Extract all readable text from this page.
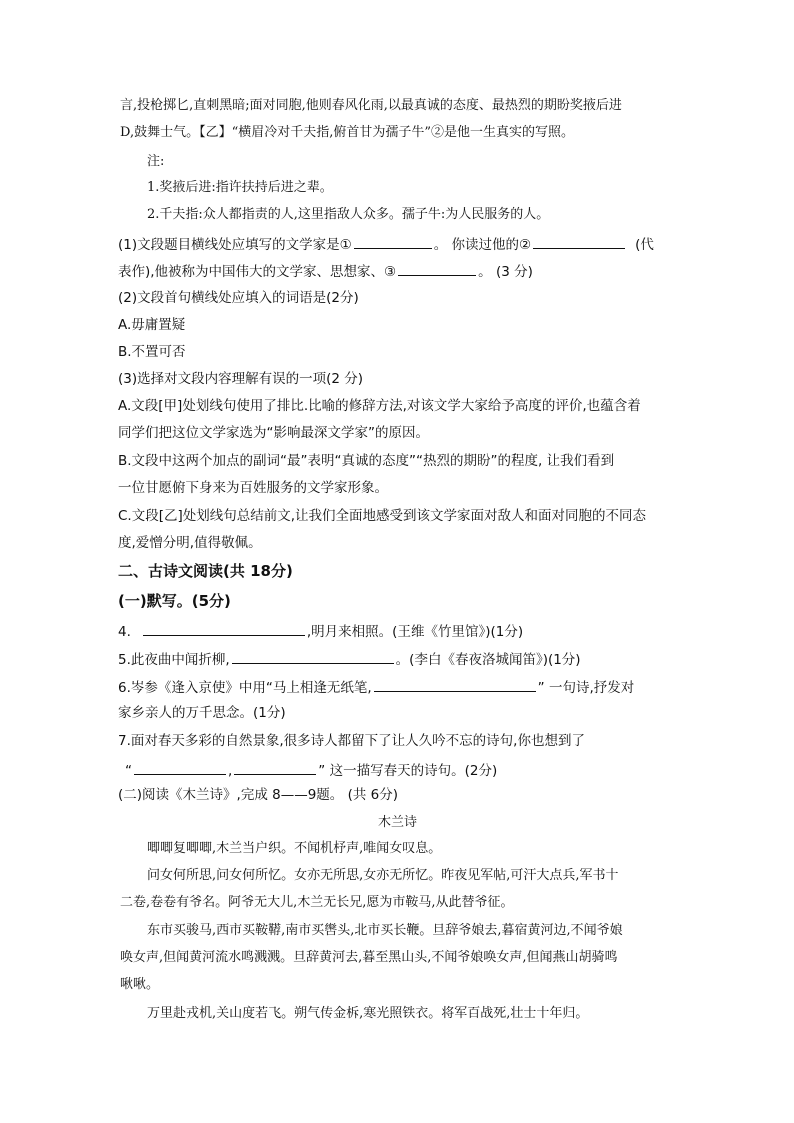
言,投枪掷匕,直刺黑暗;面对同胞,他则春风化雨,以最真诚的态度、最热烈的期盼奖掖后进
D,鼓舞士气。【乙】“横眉冷对千夫指,俯首甘为孺子牛”②是他一生真实的写照。
注:
1.奖掖后进:指许扶持后进之辈。
2.千夫指:众人都指责的人,这里指敌人众多。孺子牛:为人民服务的人。
(1)文段题目横线处应填写的文学家是①	。 你读过他的②	(代
表作),他被称为中国伟大的文学家、思想家、③	。 (3 分)
(2)文段首句横线处应填入的词语是(2分)
A.毋庸置疑
B.不置可否
(3)选择对文段内容理解有误的一项(2 分)
A.文段[甲]处划线句使用了排比.比喻的修辞方法,对该文学大家给予高度的评价,也蕴含着
同学们把这位文学家选为“影响最深文学家”的原因。
B.文段中这两个加点的副词“最”表明“真诚的态度”“热烈的期盼”的程度, 让我们看到
一位甘愿俯下身来为百姓服务的文学家形象。
C.文段[乙]处划线句总结前文,让我们全面地感受到该文学家面对敌人和面对同胞的不同态
度,爱憎分明,值得敬佩。
二、古诗文阅读(共 18分)
(一)默写。(5分)
4.	,明月来相照。(王维《竹里馆》)(1分)
5.此夜曲中闻折柳,	。(李白《春夜洛城闻笛》)(1分)
6.岑参《逢入京使》中用“马上相逢无纸笔,	” 一句诗,抒发对
家乡亲人的万千思念。(1分)
7.面对春天多彩的自然景象,很多诗人都留下了让人久吟不忘的诗句,你也想到了
“	,	” 这一描写春天的诗句。(2分)
(二)阅读《木兰诗》,完成 8——9题。 (共 6分)
木兰诗
唧唧复唧唧,木兰当户织。不闻机杼声,唯闻女叹息。
问女何所思,问女何所忆。女亦无所思,女亦无所忆。昨夜见军帖,可汗大点兵,军书十
二卷,卷卷有爷名。阿爷无大儿,木兰无长兄,愿为市鞍马,从此替爷征。
东市买骏马,西市买鞍鞯,南市买辔头,北市买长鞭。旦辞爷娘去,暮宿黄河边,不闻爷娘
唤女声,但闻黄河流水鸣溅溅。旦辞黄河去,暮至黑山头,不闻爷娘唤女声,但闻燕山胡骑鸣
啾啾。
万里赴戎机,关山度若飞。朔气传金柝,寒光照铁衣。将军百战死,壮士十年归。
